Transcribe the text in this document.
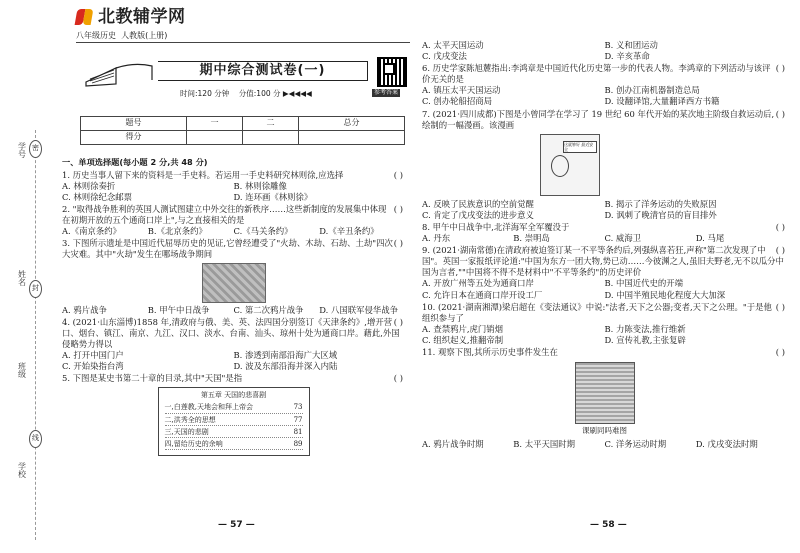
北教辅学网
八年级历史 人教版(上册)
期中综合测试卷(一)
参考答案
时间:120 分钟 分值:100 分 ▶◀◀◀◀
题号	一	二	总分
得分			
学号
姓名
班级
学校
密
封
线
一、单项选择题(每小题 2 分,共 48 分)
( )
1. 历史当事人留下来的资料是一手史料。若运用一手史料研究林则徐,应选择
A. 林则徐奏折	B. 林则徐雕像
C. 林则徐纪念邮票	D. 连环画《林则徐》
( )
2. "取得战争胜利的英国人测试图建立中外交往的新秩序……这些新制度的发展集中体现在初期开放的五个通商口岸上",与之直接相关的是
A.《南京条约》	B.《北京条约》	C.《马关条约》	D.《辛丑条约》
( )
3. 下图所示遗址是中国近代屈辱历史的见证,它曾经遭受了"火劫、木劫、石劫、土劫"四次大灾难。其中"火劫"发生在哪场战争期间
A. 鸦片战争	B. 甲午中日战争	C. 第二次鸦片战争	D. 八国联军侵华战争
( )
4. (2021·山东淄博)1858 年,清政府与俄、美、英、法四国分别签订《天津条约》,增开营口、烟台、镇江、南京、九江、汉口、淡水、台南、汕头、琼州十处为通商口岸。藉此,外国侵略势力得以
A. 打开中国门户	B. 渗透到南部沿海广大区域
C. 开始染指台湾	D. 波及东部沿海并深入内陆
( )
5. 下图是某史书第二十章的目录,其中"天国"是指
第五章 天国的悲喜剧
一,白莲教,天地会和拜上帝会	73
二,洪秀全的思想	77
三,天国的悲剧	81
四,留给历史的余响	89
— 57 —
A. 太平天国运动	B. 义和团运动
C. 戊戌变法	D. 辛亥革命
( )
6. 历史学家陈旭麓指出:李鸿章是中国近代化历史第一步的代表人物。李鸿章的下列活动与该评价无关的是
A. 镇压太平天国运动	B. 创办江南机器制造总局
C. 创办轮船招商局	D. 设翻译馆,大量翻译西方书籍
( )
7. (2021·四川成都)下图是小曾同学在学习了 19 世纪 60 年代开始的某次地主阶级自救运动后,绘制的一幅漫画。该漫画
这就够好 最近安全
A. 反映了民族意识的空前觉醒	B. 揭示了洋务运动的失败原因
C. 肯定了戊戌变法的进步意义	D. 讽刺了晚清官员的盲目排外
( )
8. 甲午中日战争中,北洋海军全军覆没于
A. 丹东	B. 崇明岛	C. 威海卫	D. 马尾
( )
9. (2021·湖南常德)在清政府被迫签订某一不平等条约后,列强纵喜若狂,声称"第二次发现了中国"。英国一家报纸评论道:"中国为东方一团大物,势已动……今彼渊之人,虽旧夫野老,无不以瓜分中国为言者,""中国将不得不是材料中"不平等条约"的历史评价
A. 开放广州等五处为通商口岸	B. 中国近代史的开端
C. 允许日本在通商口岸开设工厂	D. 中国半殖民地化程度大大加深
( )
10. (2021·湖南湘潭)梁启超在《变法通议》中说:"法者,天下之公器;变者,天下之公理。"于是他组织参与了
A. 查禁鸦片,虎门销烟	B. 力陈变法,推行维新
C. 组织起义,推翻帝制	D. 宣传礼教,主张复辟
( )
11. 观察下图,其所示历史事件发生在
课刷同吗难图
A. 鸦片战争时期	B. 太平天国时期	C. 洋务运动时期	D. 戊戌变法时期
— 58 —
